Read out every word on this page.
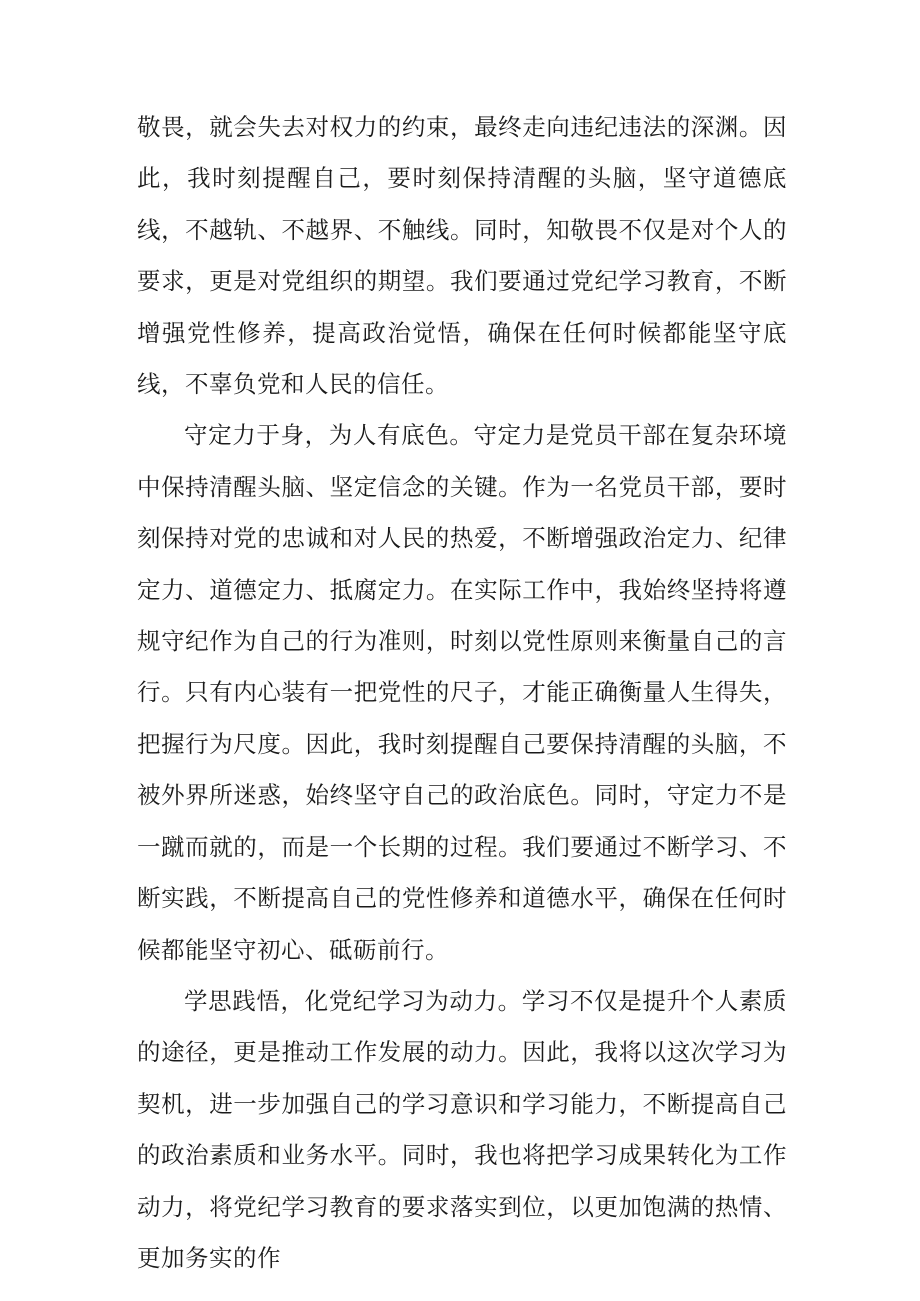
敬畏，就会失去对权力的约束，最终走向违纪违法的深渊。因此，我时刻提醒自己，要时刻保持清醒的头脑，坚守道德底线，不越轨、不越界、不触线。同时，知敬畏不仅是对个人的要求，更是对党组织的期望。我们要通过党纪学习教育，不断增强党性修养，提高政治觉悟，确保在任何时候都能坚守底线，不辜负党和人民的信任。

守定力于身，为人有底色。守定力是党员干部在复杂环境中保持清醒头脑、坚定信念的关键。作为一名党员干部，要时刻保持对党的忠诚和对人民的热爱，不断增强政治定力、纪律定力、道德定力、抵腐定力。在实际工作中，我始终坚持将遵规守纪作为自己的行为准则，时刻以党性原则来衡量自己的言行。只有内心装有一把党性的尺子，才能正确衡量人生得失，把握行为尺度。因此，我时刻提醒自己要保持清醒的头脑，不被外界所迷惑，始终坚守自己的政治底色。同时，守定力不是一蹴而就的，而是一个长期的过程。我们要通过不断学习、不断实践，不断提高自己的党性修养和道德水平，确保在任何时候都能坚守初心、砥砺前行。

学思践悟，化党纪学习为动力。学习不仅是提升个人素质的途径，更是推动工作发展的动力。因此，我将以这次学习为契机，进一步加强自己的学习意识和学习能力，不断提高自己的政治素质和业务水平。同时，我也将把学习成果转化为工作动力，将党纪学习教育的要求落实到位，以更加饱满的热情、更加务实的作
